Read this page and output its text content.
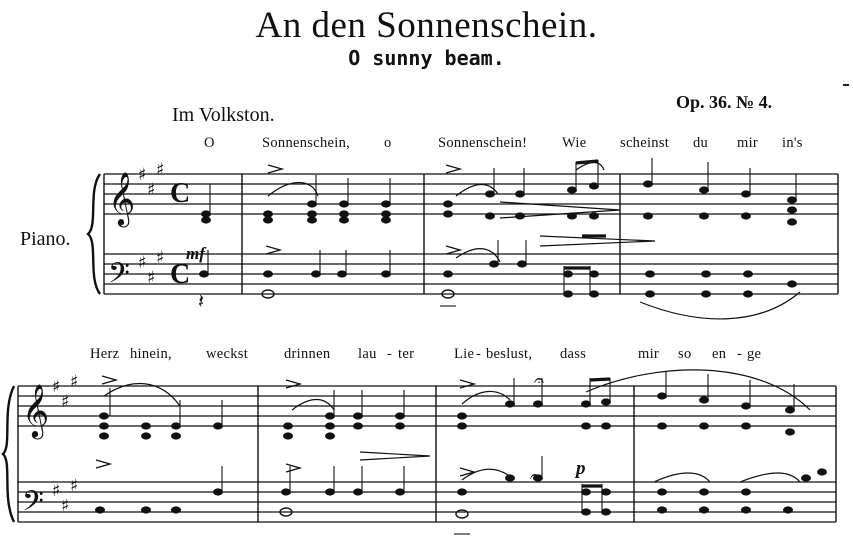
An den Sonnenschein.
O sunny beam.
Im Volkston.
Op. 36. № 4.
Piano.
O	Sonnenschein, o	Sonnenschein! Wie scheinst du mir in's
Herz hinein, weckst drinnen lau - ter	Lie - beslust, dass	mir so en - ge
mf
p
𝄞
𝄢
𝄞
𝄢
♯
♯
♯
♯
♯
♯
♯
♯
♯
♯
♯
♯
C
C
𝄽
𝄐
𝄐
